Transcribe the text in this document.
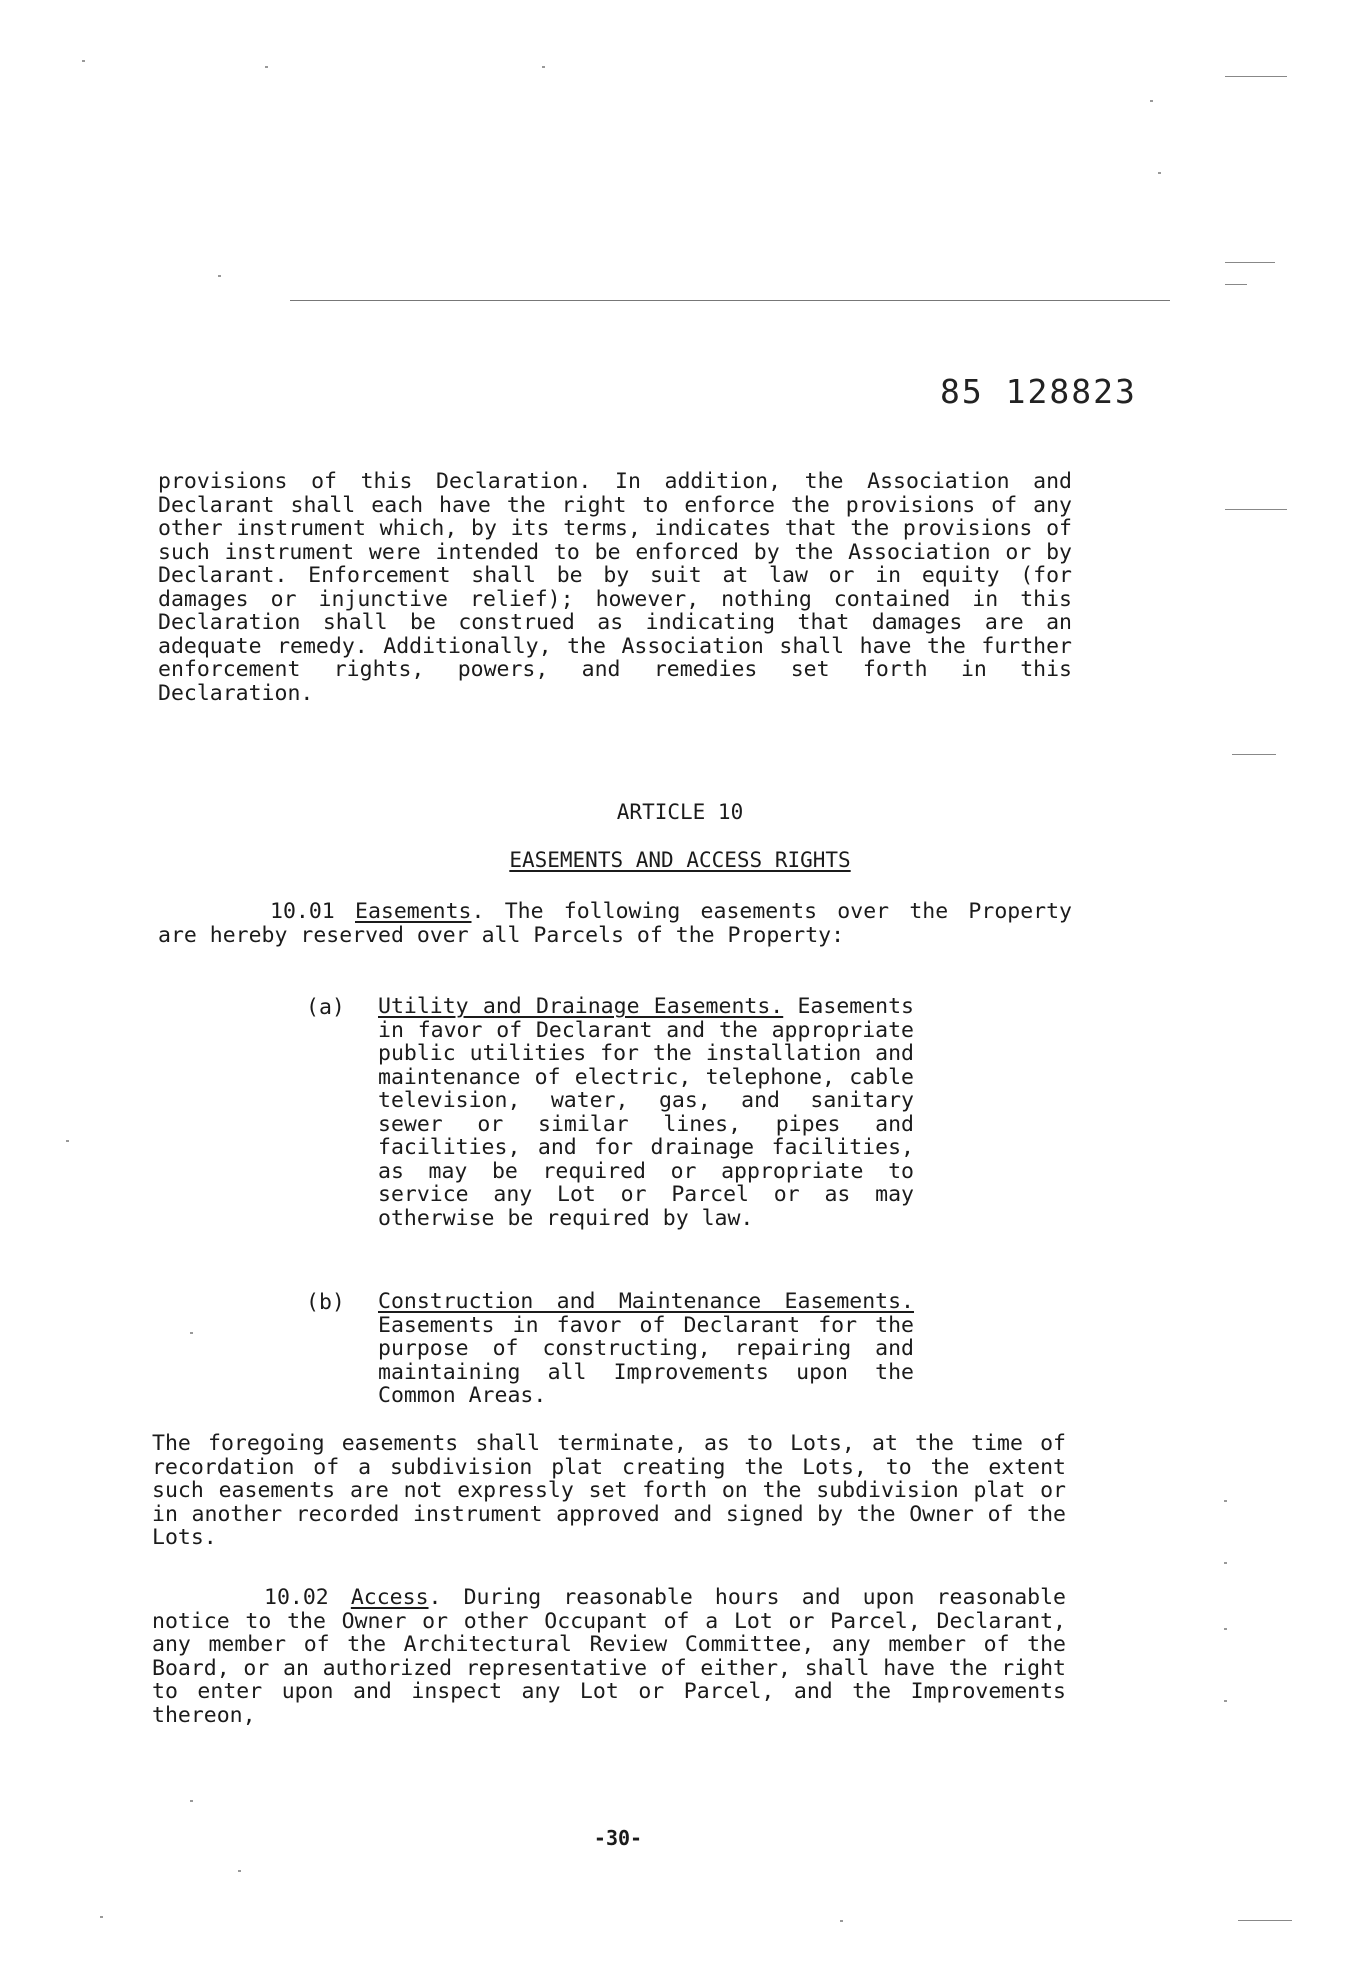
85 128823

provisions of this Declaration. In addition, the Association and Declarant shall each have the right to enforce the provisions of any other instrument which, by its terms, indicates that the provisions of such instrument were intended to be enforced by the Association or by Declarant. Enforcement shall be by suit at law or in equity (for damages or injunctive relief); however, nothing contained in this Declaration shall be construed as indicating that damages are an adequate remedy. Additionally, the Association shall have the further enforcement rights, powers, and remedies set forth in this Declaration.

ARTICLE 10
EASEMENTS AND ACCESS RIGHTS

10.01 Easements. The following easements over the Property are hereby reserved over all Parcels of the Property:

(a) Utility and Drainage Easements. Easements in favor of Declarant and the appropriate public utilities for the installation and maintenance of electric, telephone, cable television, water, gas, and sanitary sewer or similar lines, pipes and facilities, and for drainage facilities, as may be required or appropriate to service any Lot or Parcel or as may otherwise be required by law.

(b) Construction and Maintenance Easements. Easements in favor of Declarant for the purpose of constructing, repairing and maintaining all Improvements upon the Common Areas.

The foregoing easements shall terminate, as to Lots, at the time of recordation of a subdivision plat creating the Lots, to the extent such easements are not expressly set forth on the subdivision plat or in another recorded instrument approved and signed by the Owner of the Lots.

10.02 Access. During reasonable hours and upon reasonable notice to the Owner or other Occupant of a Lot or Parcel, Declarant, any member of the Architectural Review Committee, any member of the Board, or an authorized representative of either, shall have the right to enter upon and inspect any Lot or Parcel, and the Improvements thereon,

-30-
